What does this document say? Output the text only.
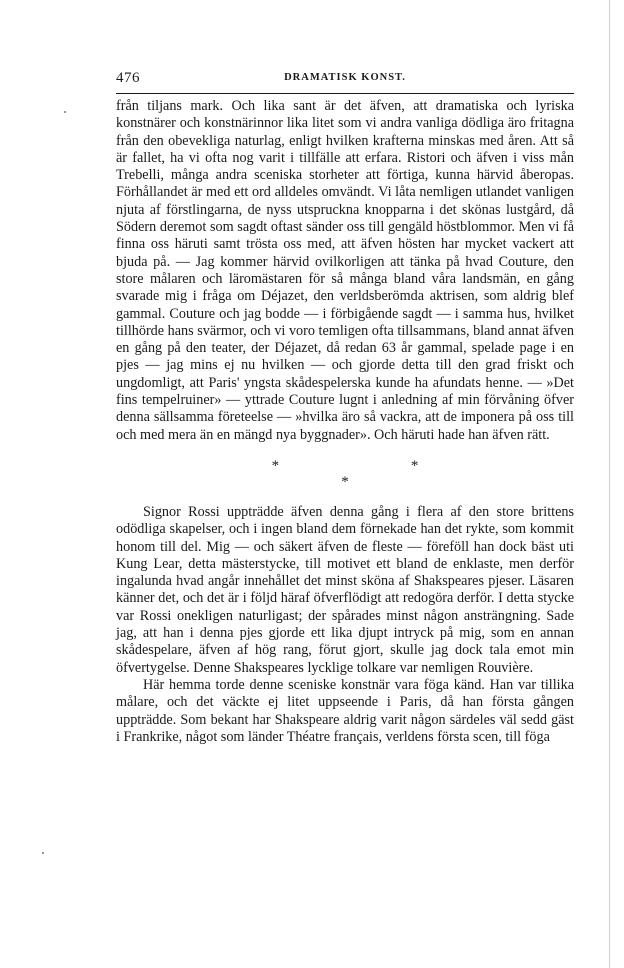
476	DRAMATISK KONST.

från tiljans mark. Och lika sant är det äfven, att dramatiska och lyriska konstnärer och konstnärinnor lika litet som vi andra vanliga dödliga äro fritagna från den obevekliga naturlag, enligt hvilken krafterna minskas med åren. Att så är fallet, ha vi ofta nog varit i tillfälle att erfara. Ristori och äfven i viss mån Trebelli, många andra sceniska storheter att förtiga, kunna härvid åberopas. Förhållandet är med ett ord alldeles omvändt. Vi låta nemligen utlandet vanligen njuta af förstlingarna, de nyss utspruckna knopparna i det skönas lustgård, då Södern deremot som sagdt oftast sänder oss till gengäld höstblommor. Men vi få finna oss häruti samt trösta oss med, att äfven hösten har mycket vackert att bjuda på. — Jag kommer härvid ovilkorligen att tänka på hvad Couture, den store målaren och läromästaren för så många bland våra landsmän, en gång svarade mig i fråga om Déjazet, den verldsberömda aktrisen, som aldrig blef gammal. Couture och jag bodde — i förbigående sagdt — i samma hus, hvilket tillhörde hans svärmor, och vi voro temligen ofta tillsammans, bland annat äfven en gång på den teater, der Déjazet, då redan 63 år gammal, spelade page i en pjes — jag mins ej nu hvilken — och gjorde detta till den grad friskt och ungdomligt, att Paris' yngsta skådespelerska kunde ha afundats henne. — »Det fins tempelruiner» — yttrade Couture lugnt i anledning af min förvåning öfver denna sällsamma företeelse — »hvilka äro så vackra, att de imponera på oss till och med mera än en mängd nya byggnader». Och häruti hade han äfven rätt.

* *
*

Signor Rossi uppträdde äfven denna gång i flera af den store brittens odödliga skapelser, och i ingen bland dem förnekade han det rykte, som kommit honom till del. Mig — och säkert äfven de fleste — föreföll han dock bäst uti Kung Lear, detta mästerstycke, till motivet ett bland de enklaste, men derför ingalunda hvad angår innehållet det minst sköna af Shakspeares pjeser. Läsaren känner det, och det är i följd häraf öfverflödigt att redogöra derför. I detta stycke var Rossi onekligen naturligast; der spårades minst någon ansträngning. Sade jag, att han i denna pjes gjorde ett lika djupt intryck på mig, som en annan skådespelare, äfven af hög rang, förut gjort, skulle jag dock tala emot min öfvertygelse. Denne Shakspeares lycklige tolkare var nemligen Rouvière.

Här hemma torde denne sceniske konstnär vara föga känd. Han var tillika målare, och det väckte ej litet uppseende i Paris, då han första gången uppträdde. Som bekant har Shakspeare aldrig varit någon särdeles väl sedd gäst i Frankrike, något som länder Théatre français, verldens första scen, till föga
